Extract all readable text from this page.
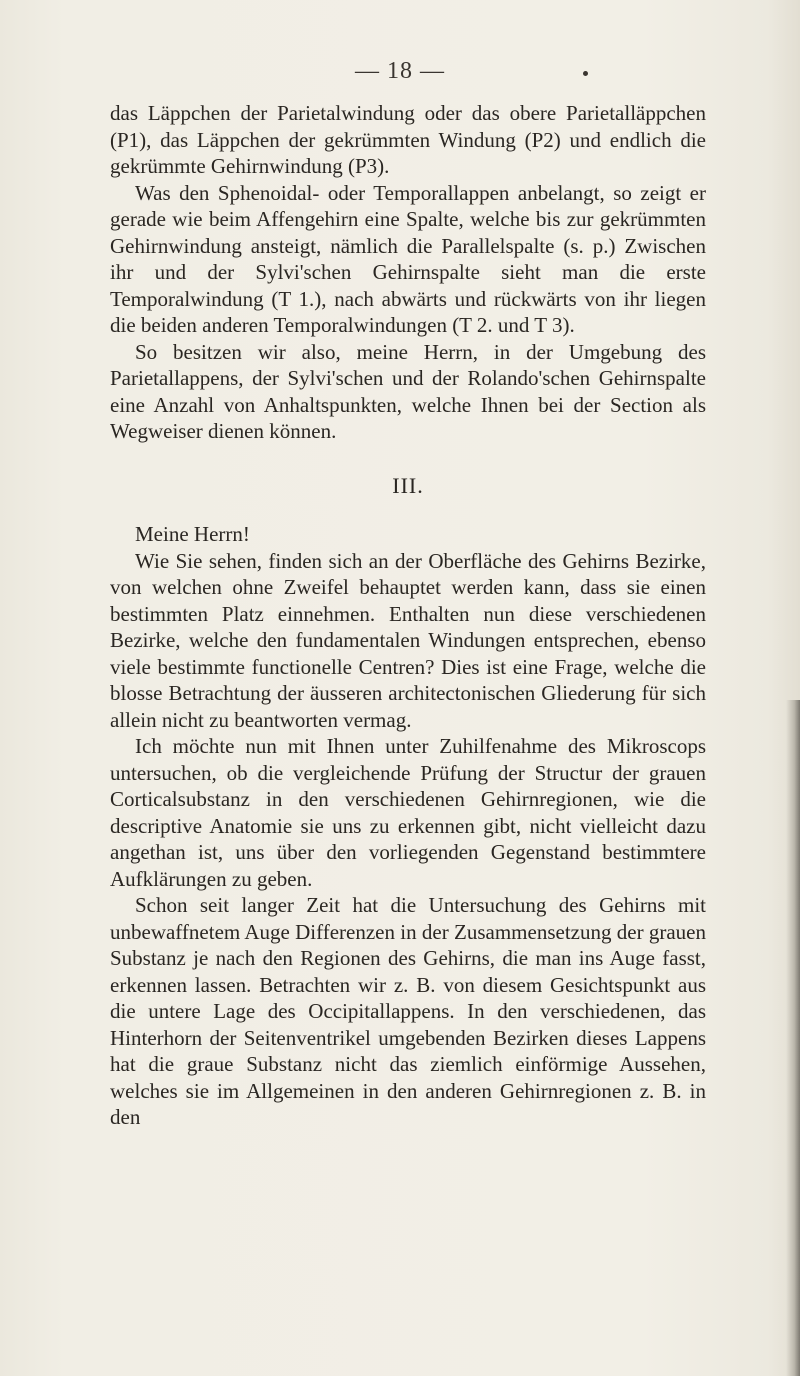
— 18 —

das Läppchen der Parietalwindung oder das obere Parietalläppchen (P1), das Läppchen der gekrümmten Windung (P2) und endlich die gekrümmte Gehirnwindung (P3).

Was den Sphenoidal- oder Temporallappen anbelangt, so zeigt er gerade wie beim Affengehirn eine Spalte, welche bis zur gekrümmten Gehirnwindung ansteigt, nämlich die Parallelspalte (s. p.) Zwischen ihr und der Sylvi'schen Gehirnspalte sieht man die erste Temporalwindung (T 1.), nach abwärts und rückwärts von ihr liegen die beiden anderen Temporalwindungen (T 2. und T 3).

So besitzen wir also, meine Herrn, in der Umgebung des Parietallappens, der Sylvi'schen und der Rolando'schen Gehirnspalte eine Anzahl von Anhaltspunkten, welche Ihnen bei der Section als Wegweiser dienen können.

III.

Meine Herrn!

Wie Sie sehen, finden sich an der Oberfläche des Gehirns Bezirke, von welchen ohne Zweifel behauptet werden kann, dass sie einen bestimmten Platz einnehmen. Enthalten nun diese verschiedenen Bezirke, welche den fundamentalen Windungen entsprechen, ebenso viele bestimmte functionelle Centren? Dies ist eine Frage, welche die blosse Betrachtung der äusseren architectonischen Gliederung für sich allein nicht zu beantworten vermag.

Ich möchte nun mit Ihnen unter Zuhilfenahme des Mikroscops untersuchen, ob die vergleichende Prüfung der Structur der grauen Corticalsubstanz in den verschiedenen Gehirnregionen, wie die descriptive Anatomie sie uns zu erkennen gibt, nicht vielleicht dazu angethan ist, uns über den vorliegenden Gegenstand bestimmtere Aufklärungen zu geben.

Schon seit langer Zeit hat die Untersuchung des Gehirns mit unbewaffnetem Auge Differenzen in der Zusammensetzung der grauen Substanz je nach den Regionen des Gehirns, die man ins Auge fasst, erkennen lassen. Betrachten wir z. B. von diesem Gesichtspunkt aus die untere Lage des Occipitallappens. In den verschiedenen, das Hinterhorn der Seitenventrikel umgebenden Bezirken dieses Lappens hat die graue Substanz nicht das ziemlich einförmige Aussehen, welches sie im Allgemeinen in den anderen Gehirnregionen z. B. in den
